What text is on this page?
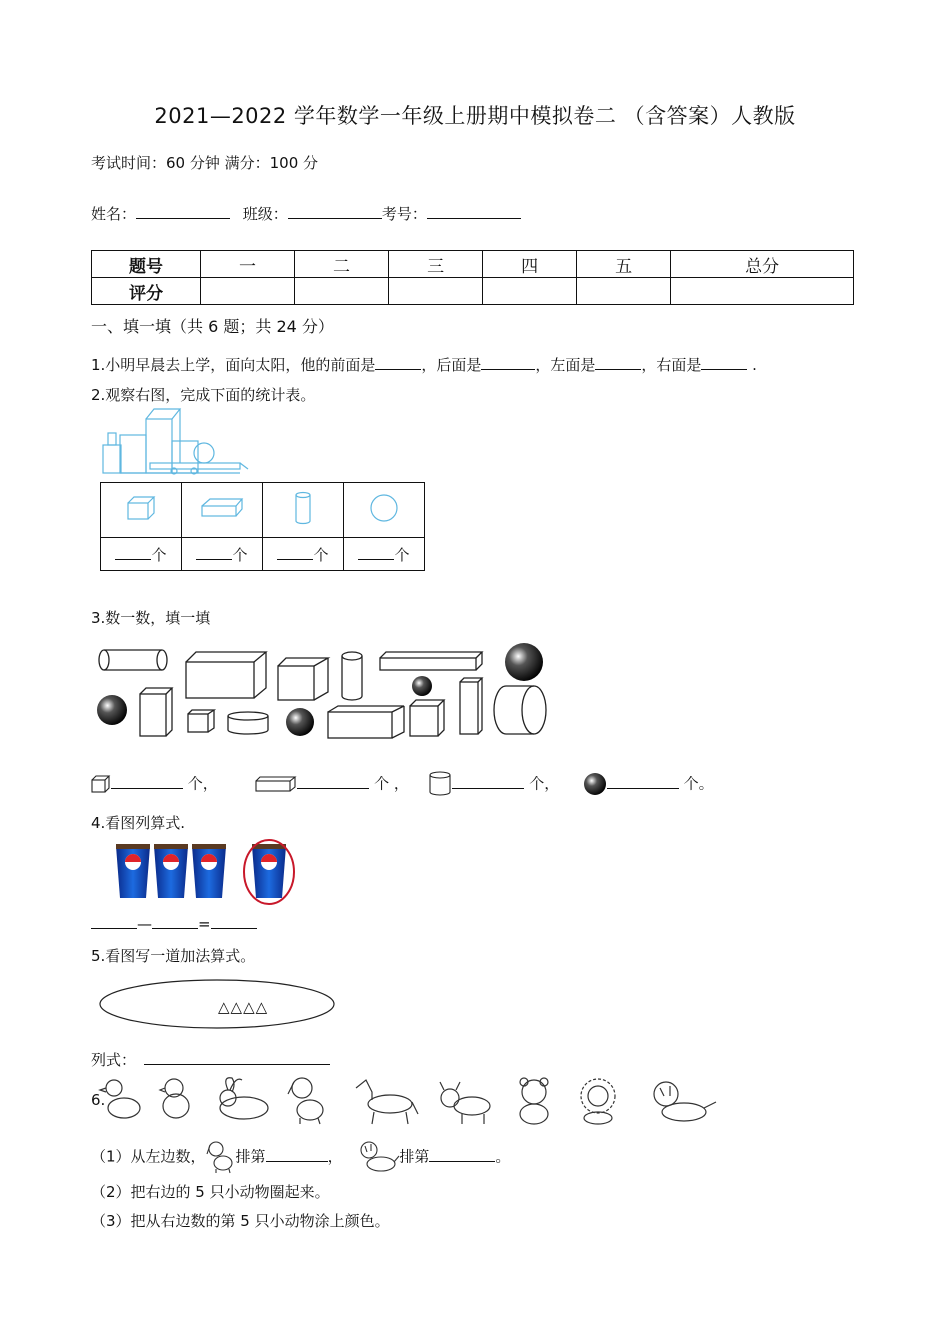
2021—2022 学年数学一年级上册期中模拟卷二 （含答案）人教版
考试时间：60 分钟 满分：100 分
姓名：	班级：	考号：
题号	一	二	三	四	五	总分
评分						
一、填一填（共 6 题；共 24 分）
1.小明早晨去上学，面向太阳，他的前面是	，后面是	，左面是	，右面是	.
2.观察右图，完成下面的统计表。

个	个	个	个
3.数一数，填一填
个，	个 ，	个，	个。
4.看图列算式.
—	=
5.看图写一道加法算式。
△△△△
列式：
6.
（1）从左边数， 排第	，	排第	。
（2）把右边的 5 只小动物圈起来。
（3）把从右边数的第 5 只小动物涂上颜色。
